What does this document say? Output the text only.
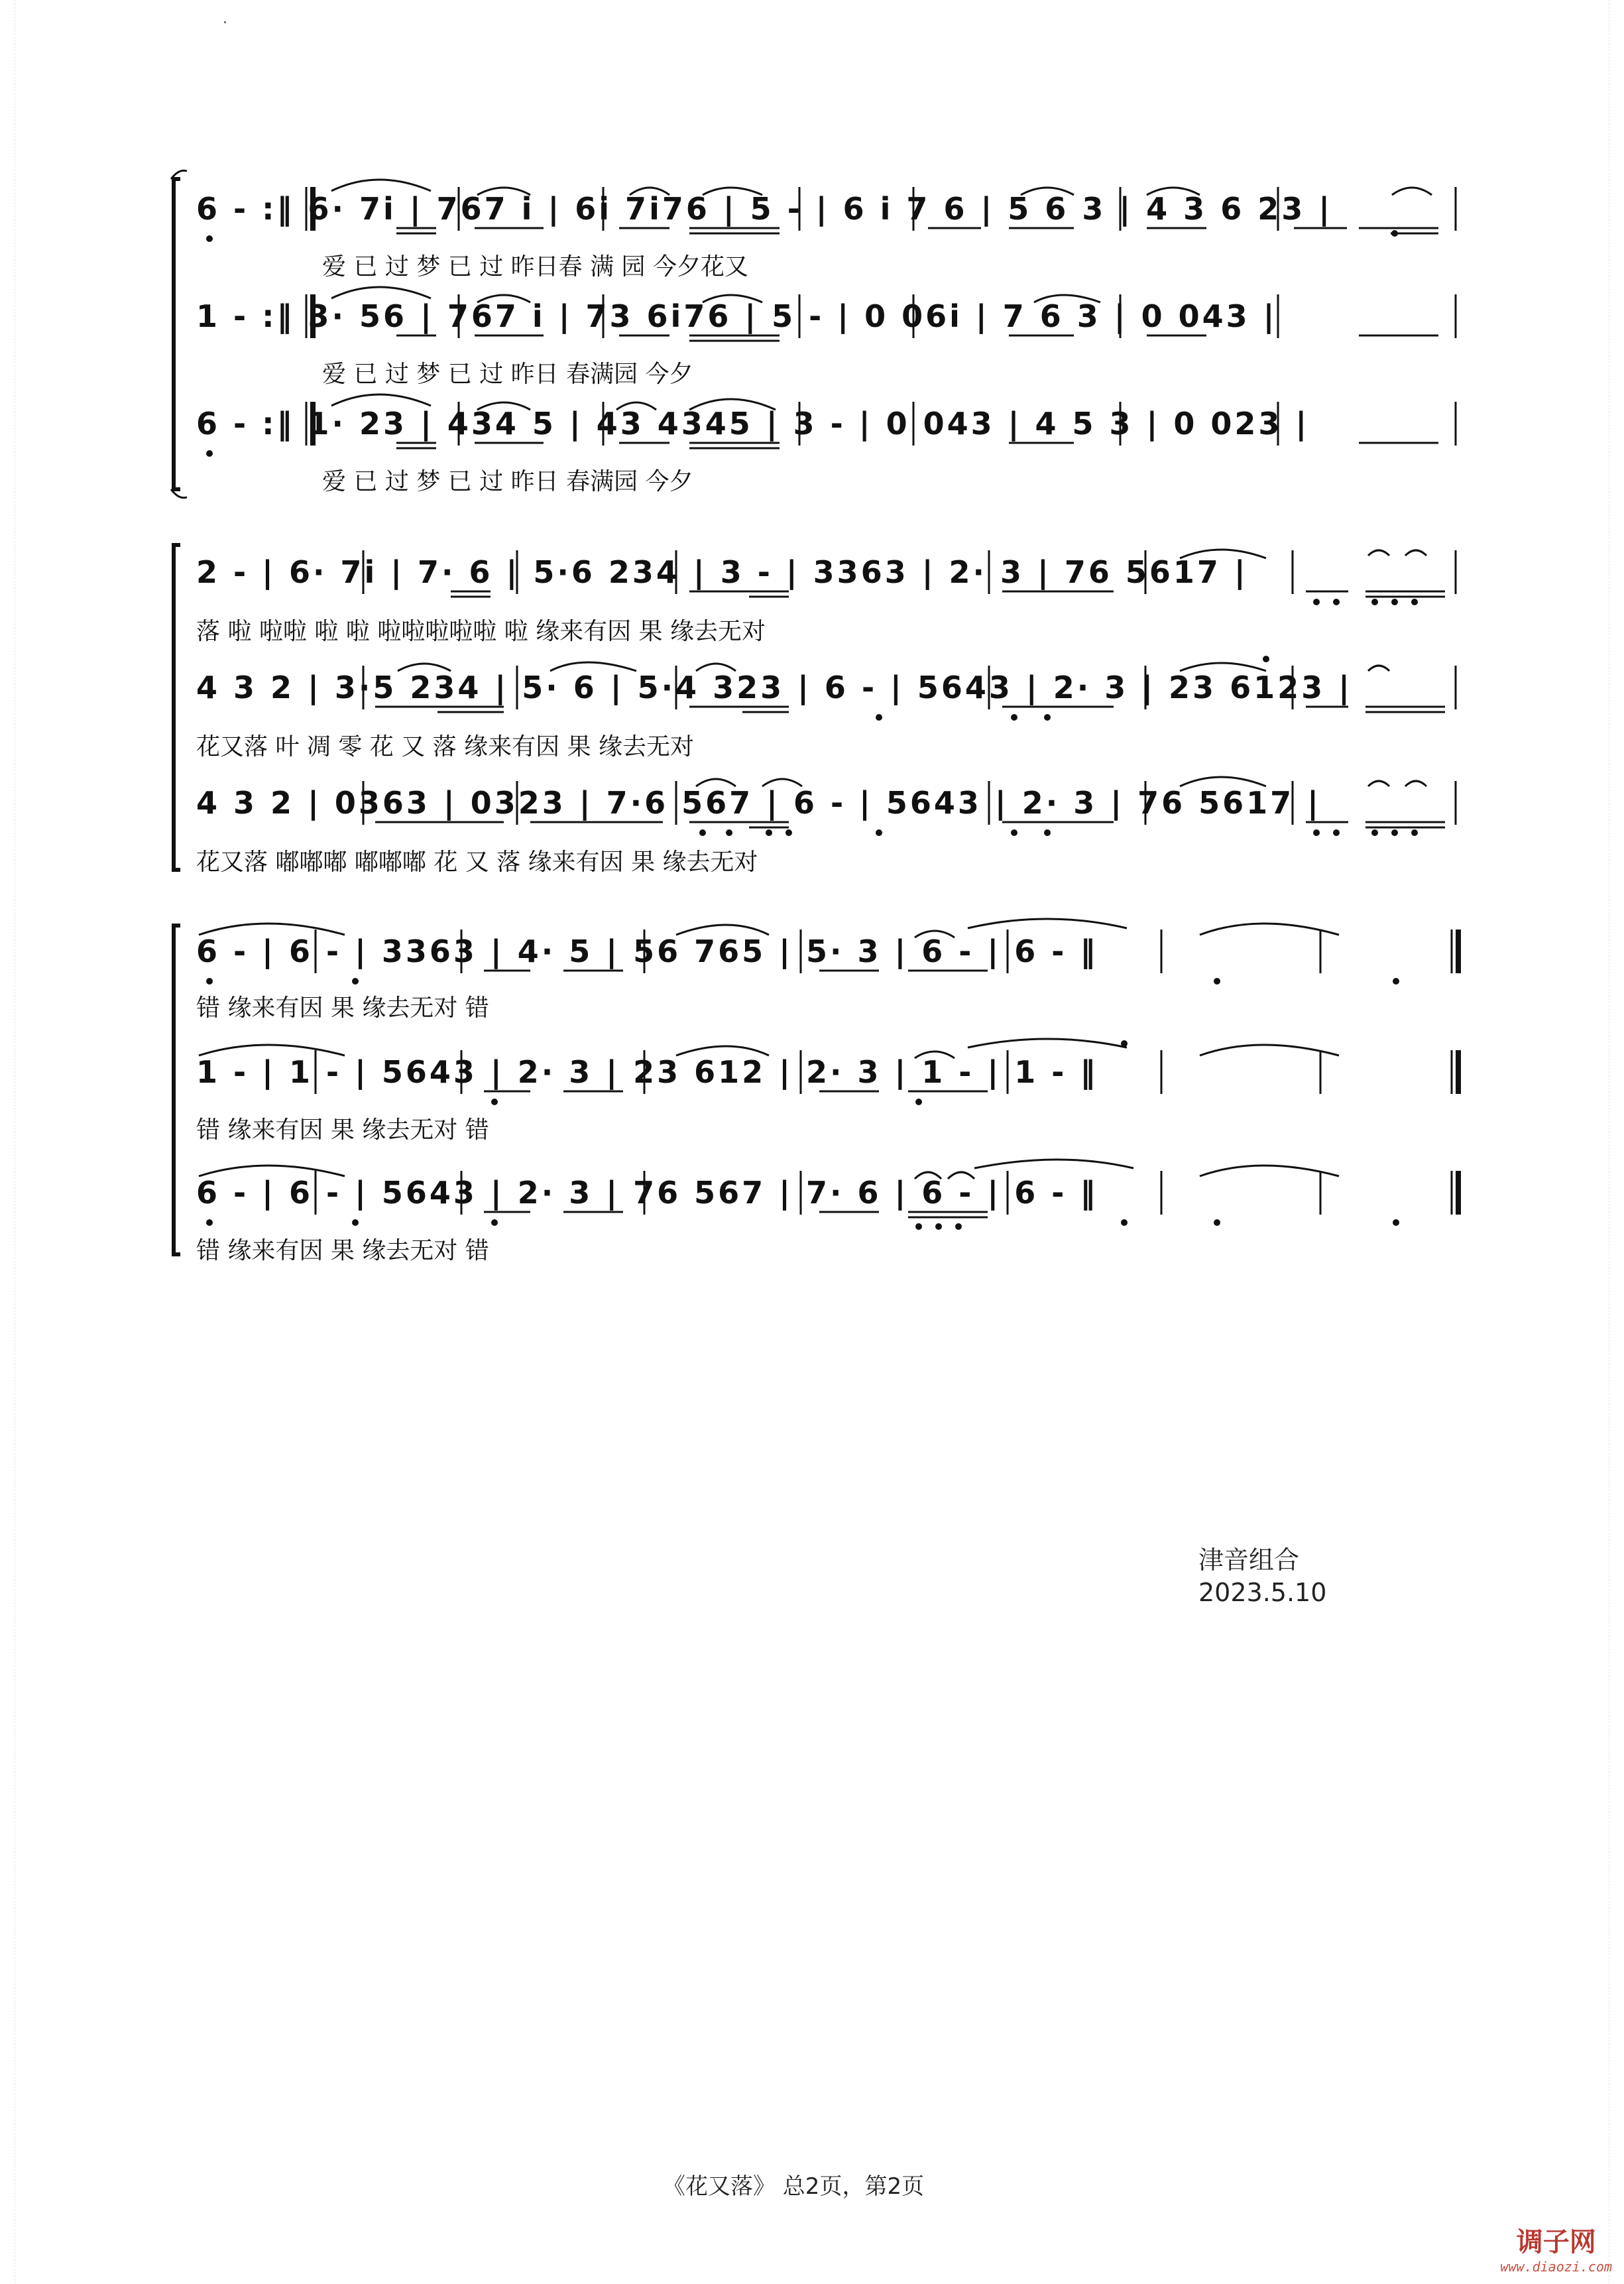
6 - :‖ 6· 7i | 767 i | 6i 7i76 | 5 - | 6 i 7 6 | 5 6 3 | 4 3 6 23 |
爱 已 过 梦 已 过 昨日春 满 园 今夕花又
1 - :‖ 3· 56 | 767 i | 73 6i76 | 5 - | 0 06i | 7 6 3 | 0 043 |
爱 已 过 梦 已 过 昨日 春满园 今夕
6 - :‖ 1· 23 | 434 5 | 43 4345 | 3 - | 0 043 | 4 5 3 | 0 023 |
爱 已 过 梦 已 过 昨日 春满园 今夕
2 - | 6· 7i | 7· 6 | 5·6 234 | 3 - | 3363 | 2· 3 | 76 5617 |
落 啦 啦啦 啦 啦 啦啦啦啦啦 啦 缘来有因 果 缘去无对
4 3 2 | 3·5 234 | 5· 6 | 5·4 323 | 6 - | 5643 | 2· 3 | 23 6123 |
花又落 叶 凋 零 花 又 落 缘来有因 果 缘去无对
4 3 2 | 0363 | 0323 | 7·6 567 | 6 - | 5643 | 2· 3 | 76 5617 |
花又落 嘟嘟嘟 嘟嘟嘟 花 又 落 缘来有因 果 缘去无对
6 - | 6 - | 3363 | 4· 5 | 56 765 | 5· 3 | 6 - | 6 - ‖
错 缘来有因 果 缘去无对 错
1 - | 1 - | 5643 | 2· 3 | 23 612 | 2· 3 | 1 - | 1 - ‖
错 缘来有因 果 缘去无对 错
6 - | 6 - | 5643 | 2· 3 | 76 567 | 7· 6 | 6 - | 6 - ‖
错 缘来有因 果 缘去无对 错
津音组合
2023.5.10
《花又落》 总2页，第2页
调子网
www.diaozi.com
